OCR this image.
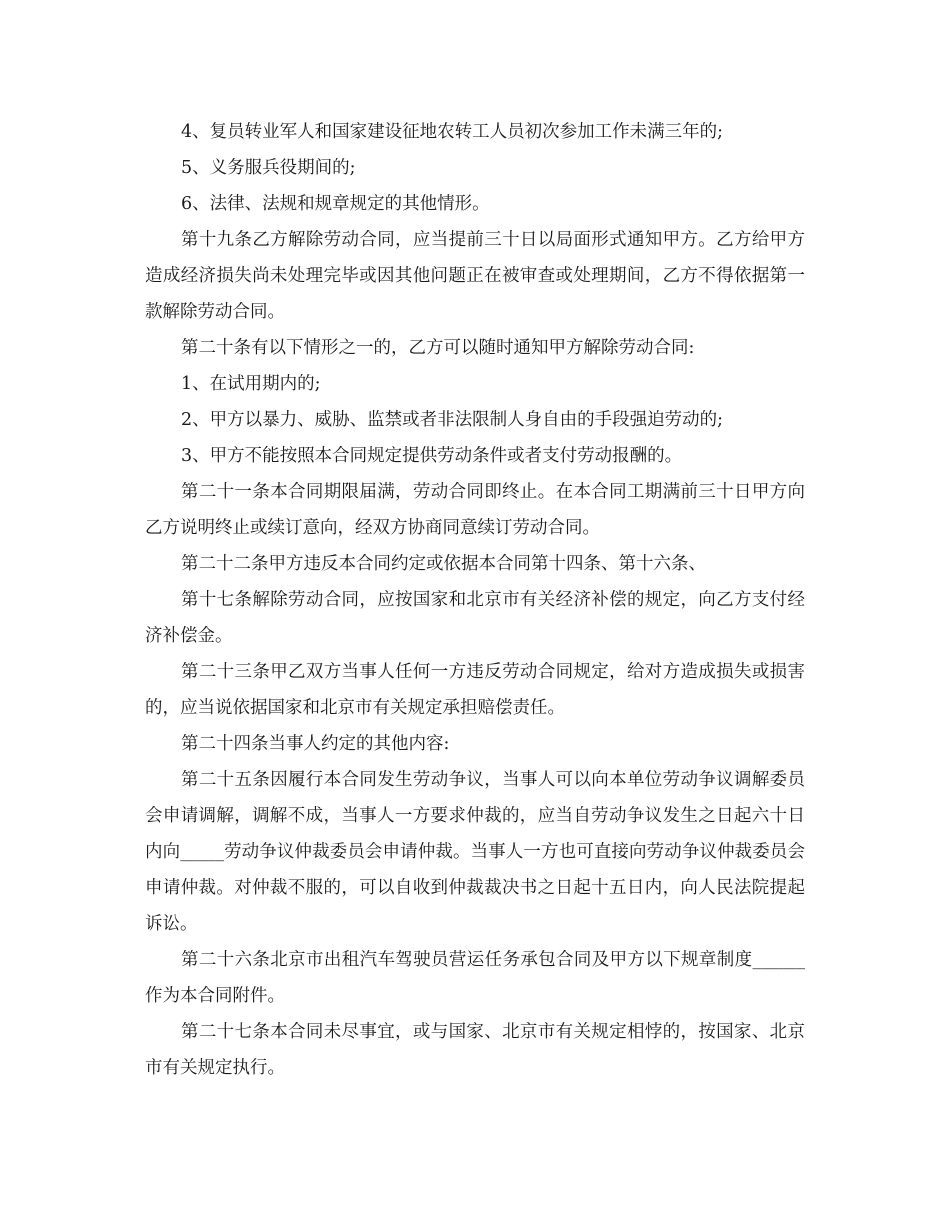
4、复员转业军人和国家建设征地农转工人员初次参加工作未满三年的;

5、义务服兵役期间的;

6、法律、法规和规章规定的其他情形。

第十九条乙方解除劳动合同，应当提前三十日以局面形式通知甲方。乙方给甲方造成经济损失尚未处理完毕或因其他问题正在被审查或处理期间，乙方不得依据第一款解除劳动合同。

第二十条有以下情形之一的，乙方可以随时通知甲方解除劳动合同:

1、在试用期内的;

2、甲方以暴力、威胁、监禁或者非法限制人身自由的手段强迫劳动的;

3、甲方不能按照本合同规定提供劳动条件或者支付劳动报酬的。

第二十一条本合同期限届满，劳动合同即终止。在本合同工期满前三十日甲方向乙方说明终止或续订意向，经双方协商同意续订劳动合同。

第二十二条甲方违反本合同约定或依据本合同第十四条、第十六条、

第十七条解除劳动合同，应按国家和北京市有关经济补偿的规定，向乙方支付经济补偿金。

第二十三条甲乙双方当事人任何一方违反劳动合同规定，给对方造成损失或损害的，应当说依据国家和北京市有关规定承担赔偿责任。

第二十四条当事人约定的其他内容:

第二十五条因履行本合同发生劳动争议，当事人可以向本单位劳动争议调解委员会申请调解，调解不成，当事人一方要求仲裁的，应当自劳动争议发生之日起六十日内向_____劳动争议仲裁委员会申请仲裁。当事人一方也可直接向劳动争议仲裁委员会申请仲裁。对仲裁不服的，可以自收到仲裁裁决书之日起十五日内，向人民法院提起诉讼。

第二十六条北京市出租汽车驾驶员营运任务承包合同及甲方以下规章制度______作为本合同附件。

第二十七条本合同未尽事宜，或与国家、北京市有关规定相悖的，按国家、北京市有关规定执行。
